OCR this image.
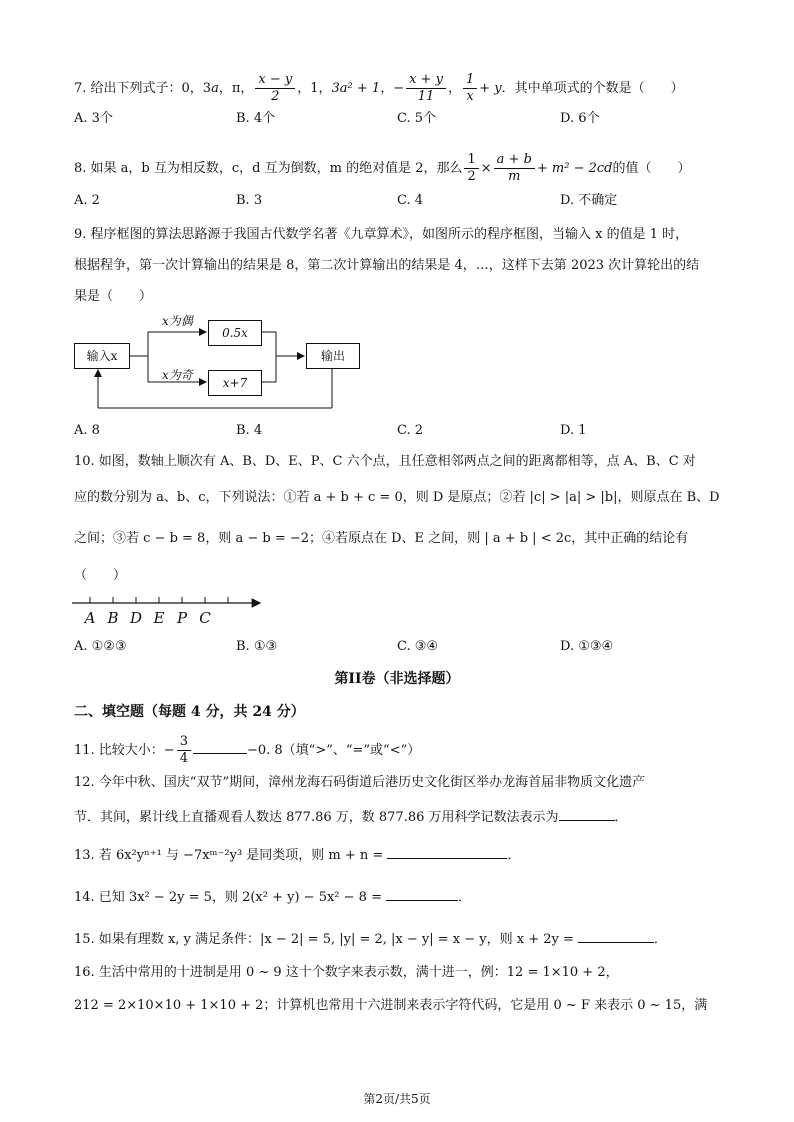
7. 给出下列式子：0，3a，π， $\frac{x - y}{2}$ ，1，3a² + 1，− $\frac{x + y}{11}$ ， $\frac{1}{x} + y$．其中单项式的个数是（　　）
A. 3个	B. 4个	C. 5个	D. 6个
8. 如果 a，b 互为相反数，c，d 互为倒数，m 的绝对值是 2，那么 $\frac{1}{2} \times \frac{a + b}{m} + m^2 - 2cd$的值（　　）
A. 2	B. 3	C. 4	D. 不确定
9. 程序框图的算法思路源于我国古代数学名著《九章算术》，如图所示的程序框图，当输入 x 的值是 1 时，
根据程争，第一次计算输出的结果是 8，第二次计算输出的结果是 4，…，这样下去第 2023 次计算轮出的结
果是（　　）
输入x
x为偶
x为奇
0.5x
x+7
输出
A. 8	B. 4	C. 2	D. 1
10. 如图，数轴上顺次有 A、B、D、E、P、C 六个点，且任意相邻两点之间的距离都相等，点 A、B、C 对
应的数分别为 a、b、c，下列说法：①若 a + b + c = 0，则 D 是原点；②若 |c| > |a| > |b|，则原点在 B、D
之间；③若 c − b = 8，则 a − b = −2；④若原点在 D、E 之间，则 | a + b | < 2c，其中正确的结论有
（　　）
A B D E P C
A. ①②③	B. ①③	C. ③④	D. ①③④
第II卷（非选择题）
二、填空题（每题 4 分，共 24 分）
11. 比较大小：− $\frac{3}{4}$	−0. 8（填“>”、“=”或“<”）
12. 今年中秋、国庆“双节”期间，漳州龙海石码街道后港历史文化街区举办龙海首届非物质文化遗产
节．其间，累计线上直播观看人数达 877.86 万，数 877.86 万用科学记数法表示为	．
13. 若 6x²yⁿ⁺¹ 与 −7xᵐ⁻²y³ 是同类项，则 m + n =	．
14. 已知 3x² − 2y = 5，则 2(x² + y) − 5x² − 8 =	．
15. 如果有理数 x, y 满足条件：|x − 2| = 5, |y| = 2, |x − y| = x − y，则 x + 2y =	．
16. 生活中常用的十进制是用 0 ~ 9 这十个数字来表示数，满十进一，例：12 = 1×10 + 2，
212 = 2×10×10 + 1×10 + 2；计算机也常用十六进制来表示字符代码，它是用 0 ~ F 来表示 0 ~ 15，满
第2页/共5页
